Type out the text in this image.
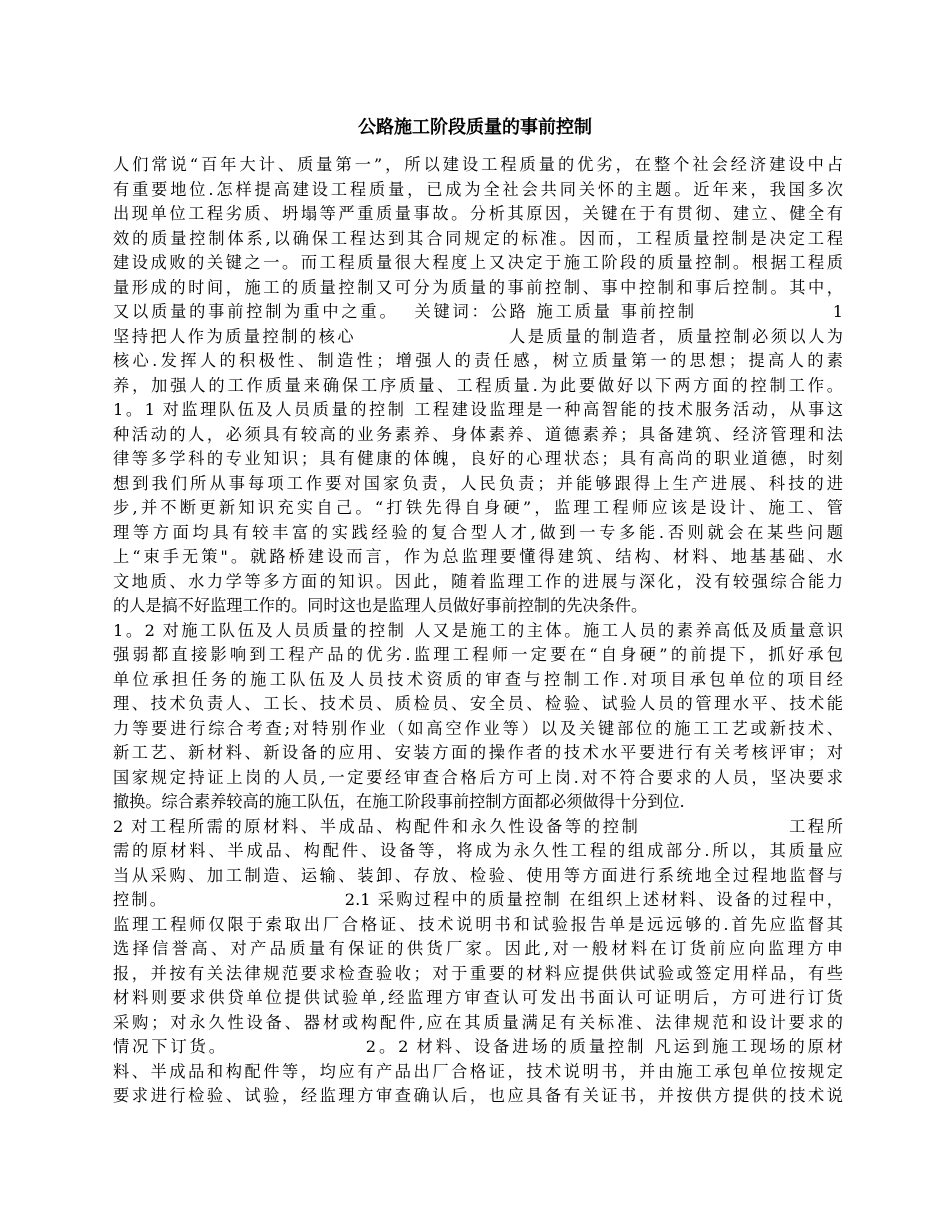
公路施工阶段质量的事前控制
人们常说“百年大计、质量第一”，所以建设工程质量的优劣，在整个社会经济建设中占
有重要地位.怎样提高建设工程质量，已成为全社会共同关怀的主题。近年来，我国多次
出现单位工程劣质、坍塌等严重质量事故。分析其原因，关键在于有贯彻、建立、健全有
效的质量控制体系,以确保工程达到其合同规定的标准。因而，工程质量控制是决定工程
建设成败的关键之一。而工程质量很大程度上又决定于施工阶段的质量控制。根据工程质
量形成的时间，施工的质量控制又可分为质量的事前控制、事中控制和事后控制。其中，
又以质量的事前控制为重中之重。  关键词：公路 施工质量 事前控制                 1
坚持把人作为质量控制的核心                    人是质量的制造者，质量控制必须以人为
核心.发挥人的积极性、制造性；增强人的责任感，树立质量第一的思想；提高人的素
养，加强人的工作质量来确保工序质量、工程质量.为此要做好以下两方面的控制工作。
1。1 对监理队伍及人员质量的控制 工程建设监理是一种高智能的技术服务活动，从事这
种活动的人，必须具有较高的业务素养、身体素养、道德素养；具备建筑、经济管理和法
律等多学科的专业知识；具有健康的体魄，良好的心理状态；具有高尚的职业道德，时刻
想到我们所从事每项工作要对国家负责，人民负责；并能够跟得上生产进展、科技的进
步,并不断更新知识充实自己。“打铁先得自身硬”，监理工程师应该是设计、施工、管
理等方面均具有较丰富的实践经验的复合型人才,做到一专多能.否则就会在某些问题
上“束手无策"。就路桥建设而言，作为总监理要懂得建筑、结构、材料、地基基础、水
文地质、水力学等多方面的知识。因此，随着监理工作的进展与深化，没有较强综合能力
的人是搞不好监理工作的。同时这也是监理人员做好事前控制的先决条件。
1。2 对施工队伍及人员质量的控制 人又是施工的主体。施工人员的素养高低及质量意识
强弱都直接影响到工程产品的优劣.监理工程师一定要在“自身硬”的前提下，抓好承包
单位承担任务的施工队伍及人员技术资质的审查与控制工作.对项目承包单位的项目经
理、技术负责人、工长、技术员、质检员、安全员、检验、试验人员的管理水平、技术能
力等要进行综合考查;对特别作业（如高空作业等）以及关键部位的施工工艺或新技术、
新工艺、新材料、新设备的应用、安装方面的操作者的技术水平要进行有关考核评审；对
国家规定持证上岗的人员,一定要经审查合格后方可上岗.对不符合要求的人员，坚决要求
撤换。综合素养较高的施工队伍，在施工阶段事前控制方面都必须做得十分到位.
2 对工程所需的原材料、半成品、构配件和永久性设备等的控制                   工程所
需的原材料、半成品、构配件、设备等，将成为永久性工程的组成部分.所以，其质量应
当从采购、加工制造、运输、装卸、存放、检验、使用等方面进行系统地全过程地监督与
控制。                        2.1 采购过程中的质量控制 在组织上述材料、设备的过程中，
监理工程师仅限于索取出厂合格证、技术说明书和试验报告单是远远够的.首先应监督其
选择信誉高、对产品质量有保证的供货厂家。因此,对一般材料在订货前应向监理方申
报，并按有关法律规范要求检查验收；对于重要的材料应提供供试验或签定用样品，有些
材料则要求供贷单位提供试验单,经监理方审查认可发出书面认可证明后，方可进行订货
采购；对永久性设备、器材或构配件,应在其质量满足有关标准、法律规范和设计要求的
情况下订货。                 2。2 材料、设备进场的质量控制 凡运到施工现场的原材
料、半成品和构配件等，均应有产品出厂合格证，技术说明书，并由施工承包单位按规定
要求进行检验、试验，经监理方审查确认后，也应具备有关证书，并按供方提供的技术说
